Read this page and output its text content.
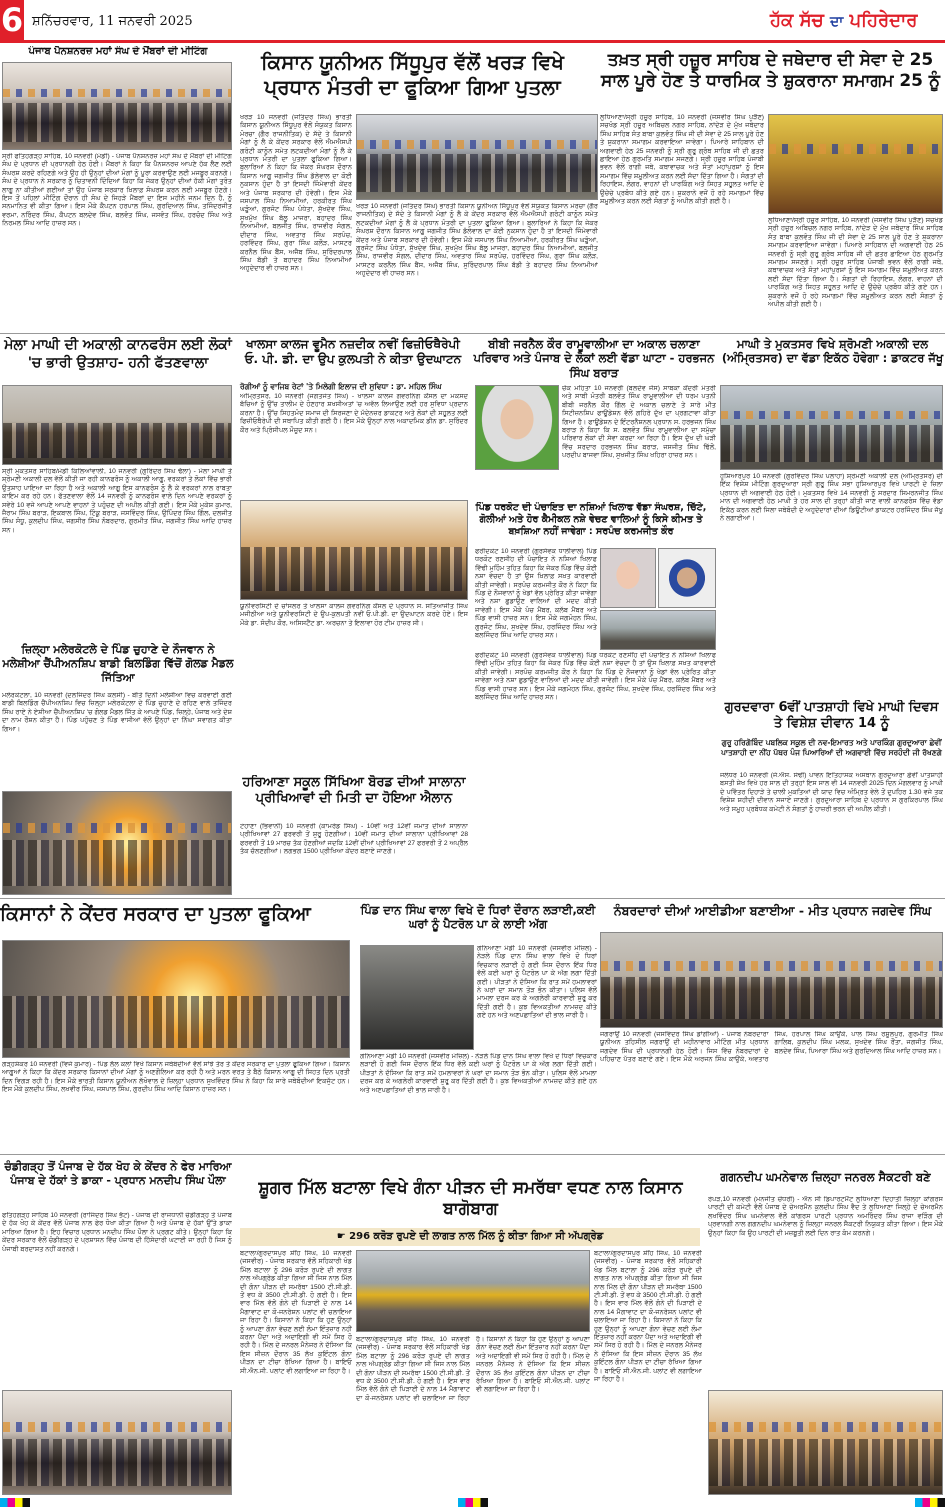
6 ਸ਼ਨਿੱਚਰਵਾਰ, 11 ਜਨਵਰੀ 2025	ਹੱਕ ਸੱਚ ਦਾ ਪਹਿਰੇਦਾਰ
ਪੰਜਾਬ ਪੈਨਸ਼ਨਰਜ਼ ਮਹਾਂ ਸੰਘ ਦੇ ਮੈਂਬਰਾਂ ਦੀ ਮੀਟਿੰਗ
ਸ੍ਰੀ ਫਤਿਹਗੜ੍ਹ ਸਾਹਿਬ, 10 ਜਨਵਰੀ (ਮੰਡੀ) - ਪੰਜਾਬ ਪੈਨਸ਼ਨਰਜ਼ ਮਹਾਂ ਸੰਘ ਦੇ ਮੈਂਬਰਾਂ ਦੀ ਮੀਟਿੰਗ ਸੰਘ ਦੇ ਪ੍ਰਧਾਨ ਦੀ ਪ੍ਰਧਾਨਗੀ ਹੇਠ ਹੋਈ। ਮੈਂਬਰਾਂ ਨੇ ਕਿਹਾ ਕਿ ਪੈਨਸ਼ਨਰਜ਼ ਆਪਣੇ ਹੱਕ ਲੈਣ ਲਈ ਸੰਘਰਸ਼ ਕਰਦੇ ਰਹਿਣਗੇ ਅਤੇ ਉਹ ਹੀ ਉਨ੍ਹਾਂ ਦੀਆਂ ਮੰਗਾਂ ਨੂੰ ਪੂਰਾ ਕਰਵਾਉਣ ਲਈ ਮਜਬੂਰ ਕਰਨਗੇ। ਸੰਘ ਦੇ ਪ੍ਰਧਾਨ ਨੇ ਸਰਕਾਰ ਨੂੰ ਚਿਤਾਵਨੀ ਦਿੰਦਿਆਂ ਕਿਹਾ ਕਿ ਜੇਕਰ ਉਨ੍ਹਾਂ ਦੀਆਂ ਹੱਕੀ ਮੰਗਾਂ ਤੁਰੰਤ ਲਾਗੂ ਨਾ ਕੀਤੀਆਂ ਗਈਆਂ ਤਾਂ ਉਹ ਪੰਜਾਬ ਸਰਕਾਰ ਖ਼ਿਲਾਫ਼ ਸੰਘਰਸ਼ ਕਰਨ ਲਈ ਮਜਬੂਰ ਹੋਣਗੇ। ਇਸ ਤੋਂ ਪਹਿਲਾਂ ਮੀਟਿੰਗ ਦੌਰਾਨ ਹੀ ਸੰਘ ਦੇ ਜਿਹੜੇ ਮੈਂਬਰਾਂ ਦਾ ਇਸ ਮਹੀਨੇ ਜਨਮ ਦਿਨ ਹੈ, ਨੂੰ ਸਨਮਾਨਿਤ ਵੀ ਕੀਤਾ ਗਿਆ। ਇਸ ਮੌਕੇ ਕੈਪਟਨ ਹਰਪਾਲ ਸਿੰਘ, ਗੁਰਦਿਆਲ ਸਿੰਘ, ਤਜਿੰਦਰਜੀਤ ਵਰਮਾ, ਨਰਿੰਦਰ ਸਿੰਘ, ਕੈਪਟਨ ਬਲਦੇਵ ਸਿੰਘ, ਬਲਵੰਤ ਸਿੰਘ, ਜਸਵੰਤ ਸਿੰਘ, ਹਰਚੰਦ ਸਿੰਘ ਅਤੇ ਨਿਰਮਲ ਸਿੰਘ ਆਦਿ ਹਾਜ਼ਰ ਸਨ।
ਕਿਸਾਨ ਯੂਨੀਅਨ ਸਿੱਧੂਪੁਰ ਵੱਲੋਂ ਖਰੜ ਵਿਖੇ ਪ੍ਰਧਾਨ ਮੰਤਰੀ ਦਾ ਫੂਕਿਆ ਗਿਆ ਪੁਤਲਾ
ਖਰੜ 10 ਜਨਵਰੀ (ਜਤਿੰਦਰ ਸਿੰਘ) ਭਾਰਤੀ ਕਿਸਾਨ ਯੂਨੀਅਨ ਸਿੱਧੂਪੁਰ ਵੱਲੋਂ ਸੰਯੁਕਤ ਕਿਸਾਨ ਮੋਰਚਾ (ਗੈਰ ਰਾਜਨੀਤਿਕ) ਦੇ ਸੱਦੇ ਤੇ ਕਿਸਾਨੀ ਮੰਗਾਂ ਨੂੰ ਲੈ ਕੇ ਕੇਂਦਰ ਸਰਕਾਰ ਵੱਲੋਂ ਐਮਐਸਪੀ ਗਰੰਟੀ ਕਾਨੂੰਨ ਸਮੇਤ ਲਟਕਦੀਆਂ ਮੰਗਾਂ ਨੂੰ ਲੈ ਕੇ ਪ੍ਰਧਾਨ ਮੰਤਰੀ ਦਾ ਪੁਤਲਾ ਫੂਕਿਆ ਗਿਆ। ਬੁਲਾਰਿਆਂ ਨੇ ਕਿਹਾ ਕਿ ਜੇਕਰ ਸੰਘਰਸ਼ ਦੌਰਾਨ ਕਿਸਾਨ ਆਗੂ ਜਗਜੀਤ ਸਿੰਘ ਡੱਲੇਵਾਲ ਦਾ ਕੋਈ ਨੁਕਸਾਨ ਹੁੰਦਾ ਹੈ ਤਾਂ ਇਸਦੀ ਜਿੰਮੇਵਾਰੀ ਕੇਂਦਰ ਅਤੇ ਪੰਜਾਬ ਸਰਕਾਰ ਦੀ ਹੋਵੇਗੀ। ਇਸ ਮੌਕੇ ਜਸਪਾਲ ਸਿੰਘ ਨਿਆਮੀਆਂ, ਹਰਕੀਰਤ ਸਿੰਘ ਘੜੂੰਆਂ, ਗੁਰਜੰਟ ਸਿੰਘ ਪੰਧੇਤਾ, ਸੁੱਖਦੇਵ ਸਿੰਘ, ਸੁਖਮੁੱਖ ਸਿੰਘ ਬੱਲੂ ਮਾਜਰਾ, ਬਹਾਦਰ ਸਿੰਘ ਨਿਆਮੀਆਂ, ਬਲਜੀਤ ਸਿੰਘ, ਰਾਜਵੀਰ ਸੰਗਲ, ਦੀਦਾਰ ਸਿੰਘ, ਅਵਤਾਰ ਸਿੰਘ ਸਰਪੰਚ, ਹਰਵਿੰਦਰ ਸਿੰਘ, ਗੁਰਾ ਸਿੰਘ ਕਲੌੜ, ਮਾਸਟਰ ਕਰਨੈਲ ਸਿੰਘ ਬੈਂਸ, ਅਜੈਬ ਸਿੰਘ, ਸੁਰਿੰਦਰਪਾਲ ਸਿੰਘ ਬੱਡੀ ਤੇ ਬਹਾਦਰ ਸਿੰਘ ਨਿਆਮੀਆਂ ਅਹੁਦੇਦਾਰ ਵੀ ਹਾਜ਼ਰ ਸਨ।
ਖਰੜ 10 ਜਨਵਰੀ (ਜਤਿੰਦਰ ਸਿੰਘ) ਭਾਰਤੀ ਕਿਸਾਨ ਯੂਨੀਅਨ ਸਿੱਧੂਪੁਰ ਵੱਲੋਂ ਸੰਯੁਕਤ ਕਿਸਾਨ ਮੋਰਚਾ (ਗੈਰ ਰਾਜਨੀਤਿਕ) ਦੇ ਸੱਦੇ ਤੇ ਕਿਸਾਨੀ ਮੰਗਾਂ ਨੂੰ ਲੈ ਕੇ ਕੇਂਦਰ ਸਰਕਾਰ ਵੱਲੋਂ ਐਮਐਸਪੀ ਗਰੰਟੀ ਕਾਨੂੰਨ ਸਮੇਤ ਲਟਕਦੀਆਂ ਮੰਗਾਂ ਨੂੰ ਲੈ ਕੇ ਪ੍ਰਧਾਨ ਮੰਤਰੀ ਦਾ ਪੁਤਲਾ ਫੂਕਿਆ ਗਿਆ। ਬੁਲਾਰਿਆਂ ਨੇ ਕਿਹਾ ਕਿ ਜੇਕਰ ਸੰਘਰਸ਼ ਦੌਰਾਨ ਕਿਸਾਨ ਆਗੂ ਜਗਜੀਤ ਸਿੰਘ ਡੱਲੇਵਾਲ ਦਾ ਕੋਈ ਨੁਕਸਾਨ ਹੁੰਦਾ ਹੈ ਤਾਂ ਇਸਦੀ ਜਿੰਮੇਵਾਰੀ ਕੇਂਦਰ ਅਤੇ ਪੰਜਾਬ ਸਰਕਾਰ ਦੀ ਹੋਵੇਗੀ। ਇਸ ਮੌਕੇ ਜਸਪਾਲ ਸਿੰਘ ਨਿਆਮੀਆਂ, ਹਰਕੀਰਤ ਸਿੰਘ ਘੜੂੰਆਂ, ਗੁਰਜੰਟ ਸਿੰਘ ਪੰਧੇਤਾ, ਸੁੱਖਦੇਵ ਸਿੰਘ, ਸੁਖਮੁੱਖ ਸਿੰਘ ਬੱਲੂ ਮਾਜਰਾ, ਬਹਾਦਰ ਸਿੰਘ ਨਿਆਮੀਆਂ, ਬਲਜੀਤ ਸਿੰਘ, ਰਾਜਵੀਰ ਸੰਗਲ, ਦੀਦਾਰ ਸਿੰਘ, ਅਵਤਾਰ ਸਿੰਘ ਸਰਪੰਚ, ਹਰਵਿੰਦਰ ਸਿੰਘ, ਗੁਰਾ ਸਿੰਘ ਕਲੌੜ, ਮਾਸਟਰ ਕਰਨੈਲ ਸਿੰਘ ਬੈਂਸ, ਅਜੈਬ ਸਿੰਘ, ਸੁਰਿੰਦਰਪਾਲ ਸਿੰਘ ਬੱਡੀ ਤੇ ਬਹਾਦਰ ਸਿੰਘ ਨਿਆਮੀਆਂ ਅਹੁਦੇਦਾਰ ਵੀ ਹਾਜ਼ਰ ਸਨ।
ਤਖ਼ਤ ਸ੍ਰੀ ਹਜ਼ੂਰ ਸਾਹਿਬ ਦੇ ਜਥੇਦਾਰ ਦੀ ਸੇਵਾ ਦੇ 25 ਸਾਲ ਪੂਰੇ ਹੋਣ ਤੇ ਧਾਰਮਿਕ ਤੇ ਸ਼ੁਕਰਾਨਾ ਸਮਾਗਮ 25 ਨੂੰ
ਲੁਧਿਆਣਾ/ਸ੍ਰੀ ਹਜ਼ੂਰ ਸਾਹਿਬ, 10 ਜਨਵਰੀ (ਜਸਵੀਰ ਸਿੰਘ ਪੁੜੈਣ) ਸਚਖੰਡ ਸ੍ਰੀ ਹਜ਼ੂਰ ਅਬਿਚਲ ਨਗਰ ਸਾਹਿਬ, ਨਾਂਦੇੜ ਦੇ ਮੁੱਖ ਜਥੇਦਾਰ ਸਿੰਘ ਸਾਹਿਬ ਸੰਤ ਬਾਬਾ ਕੁਲਵੰਤ ਸਿੰਘ ਜੀ ਦੀ ਸੇਵਾ ਦੇ 25 ਸਾਲ ਪੂਰੇ ਹੋਣ ਤੇ ਸ਼ੁਕਰਾਨਾ ਸਮਾਗਮ ਕਰਵਾਇਆ ਜਾਵੇਗਾ। ਪਿਆਰੇ ਸਾਹਿਬਾਨ ਦੀ ਅਗਵਾਈ ਹੇਠ 25 ਜਨਵਰੀ ਨੂੰ ਸ੍ਰੀ ਗੁਰੂ ਗ੍ਰੰਥ ਸਾਹਿਬ ਜੀ ਦੀ ਛਤਰ ਛਾਇਆ ਹੇਠ ਗੁਰਮਤਿ ਸਮਾਗਮ ਸਜਣਗੇ। ਸ੍ਰੀ ਹਜ਼ੂਰ ਸਾਹਿਬ ਪੰਜਾਬੀ ਭਵਨ ਵੱਲੋਂ ਰਾਗੀ ਜਥੇ, ਕਥਾਵਾਚਕ ਅਤੇ ਸੰਤਾਂ ਮਹਾਂਪੁਰਸ਼ਾਂ ਨੂੰ ਇਸ ਸਮਾਗਮ ਵਿੱਚ ਸ਼ਮੂਲੀਅਤ ਕਰਨ ਲਈ ਸੱਦਾ ਦਿੱਤਾ ਗਿਆ ਹੈ। ਸੰਗਤਾਂ ਦੀ ਰਿਹਾਇਸ਼, ਲੰਗਰ, ਵਾਹਨਾਂ ਦੀ ਪਾਰਕਿੰਗ ਅਤੇ ਸਿਹਤ ਸਹੂਲਤ ਆਦਿ ਦੇ ਉਚੇਚੇ ਪ੍ਰਬੰਧ ਕੀਤੇ ਗਏ ਹਨ। ਸ਼ੁਕਰਾਨੇ ਵਜੋਂ ਹੋ ਰਹੇ ਸਮਾਗਮਾਂ ਵਿੱਚ ਸ਼ਮੂਲੀਅਤ ਕਰਨ ਲਈ ਸੰਗਤਾਂ ਨੂੰ ਅਪੀਲ ਕੀਤੀ ਗਈ ਹੈ।
ਲੁਧਿਆਣਾ/ਸ੍ਰੀ ਹਜ਼ੂਰ ਸਾਹਿਬ, 10 ਜਨਵਰੀ (ਜਸਵੀਰ ਸਿੰਘ ਪੁੜੈਣ) ਸਚਖੰਡ ਸ੍ਰੀ ਹਜ਼ੂਰ ਅਬਿਚਲ ਨਗਰ ਸਾਹਿਬ, ਨਾਂਦੇੜ ਦੇ ਮੁੱਖ ਜਥੇਦਾਰ ਸਿੰਘ ਸਾਹਿਬ ਸੰਤ ਬਾਬਾ ਕੁਲਵੰਤ ਸਿੰਘ ਜੀ ਦੀ ਸੇਵਾ ਦੇ 25 ਸਾਲ ਪੂਰੇ ਹੋਣ ਤੇ ਸ਼ੁਕਰਾਨਾ ਸਮਾਗਮ ਕਰਵਾਇਆ ਜਾਵੇਗਾ। ਪਿਆਰੇ ਸਾਹਿਬਾਨ ਦੀ ਅਗਵਾਈ ਹੇਠ 25 ਜਨਵਰੀ ਨੂੰ ਸ੍ਰੀ ਗੁਰੂ ਗ੍ਰੰਥ ਸਾਹਿਬ ਜੀ ਦੀ ਛਤਰ ਛਾਇਆ ਹੇਠ ਗੁਰਮਤਿ ਸਮਾਗਮ ਸਜਣਗੇ। ਸ੍ਰੀ ਹਜ਼ੂਰ ਸਾਹਿਬ ਪੰਜਾਬੀ ਭਵਨ ਵੱਲੋਂ ਰਾਗੀ ਜਥੇ, ਕਥਾਵਾਚਕ ਅਤੇ ਸੰਤਾਂ ਮਹਾਂਪੁਰਸ਼ਾਂ ਨੂੰ ਇਸ ਸਮਾਗਮ ਵਿੱਚ ਸ਼ਮੂਲੀਅਤ ਕਰਨ ਲਈ ਸੱਦਾ ਦਿੱਤਾ ਗਿਆ ਹੈ। ਸੰਗਤਾਂ ਦੀ ਰਿਹਾਇਸ਼, ਲੰਗਰ, ਵਾਹਨਾਂ ਦੀ ਪਾਰਕਿੰਗ ਅਤੇ ਸਿਹਤ ਸਹੂਲਤ ਆਦਿ ਦੇ ਉਚੇਚੇ ਪ੍ਰਬੰਧ ਕੀਤੇ ਗਏ ਹਨ। ਸ਼ੁਕਰਾਨੇ ਵਜੋਂ ਹੋ ਰਹੇ ਸਮਾਗਮਾਂ ਵਿੱਚ ਸ਼ਮੂਲੀਅਤ ਕਰਨ ਲਈ ਸੰਗਤਾਂ ਨੂੰ ਅਪੀਲ ਕੀਤੀ ਗਈ ਹੈ।
ਮੇਲਾ ਮਾਘੀ ਦੀ ਅਕਾਲੀ ਕਾਨਫਰੰਸ ਲਈ ਲੋਕਾਂ 'ਚ ਭਾਰੀ ਉਤਸ਼ਾਹ- ਹਨੀ ਫੱਤਣਵਾਲਾ
ਸ੍ਰੀ ਮੁਕਤਸਰ ਸਾਹਿਬ/ਮੰਡੀ ਕਿਲਿਆਂਵਾਲੀ, 10 ਜਨਵਰੀ (ਗੁਰਿੰਦਰ ਸਿੰਘ ਢੱਲਾ) - ਮੇਲਾ ਮਾਘੀ ਤੇ ਸ਼੍ਰੋਮਣੀ ਅਕਾਲੀ ਦਲ ਵੱਲੋਂ ਕੀਤੀ ਜਾ ਰਹੀ ਕਾਨਫਰੰਸ ਨੂੰ ਅਕਾਲੀ ਆਗੂ, ਵਰਕਰਾਂ ਤੇ ਲੋਕਾਂ ਵਿੱਚ ਭਾਰੀ ਉਤਸ਼ਾਹ ਪਾਇਆ ਜਾ ਰਿਹਾ ਹੈ ਅਤੇ ਅਕਾਲੀ ਆਗੂ ਇਸ ਕਾਨਫਰੰਸ ਨੂੰ ਲੈ ਕੇ ਵਰਕਰਾਂ ਨਾਲ ਰਾਬਤਾ ਕਾਇਮ ਕਰ ਰਹੇ ਹਨ। ਫੱਤਣਵਾਲਾ ਵੱਲੋਂ 14 ਜਨਵਰੀ ਨੂੰ ਕਾਨਫਰੰਸ ਵਾਲੇ ਦਿਨ ਆਪਣੇ ਵਰਕਰਾਂ ਨੂੰ ਸਵੇਰੇ 10 ਵਜੇ ਆਪਣੇ ਆਪਣੇ ਵਾਹਨਾਂ ਤੇ ਪਹੁੰਚਣ ਦੀ ਅਪੀਲ ਕੀਤੀ ਗਈ। ਇਸ ਮੌਕੇ ਮੁਕੇਸ਼ ਕੁਮਾਰ, ਜੈਰਾਮ ਸਿੰਘ ਬਰਾੜ, ਇਕਬਾਲ ਸਿੰਘ, ਟਿੰਕੂ ਬਰਾੜ, ਜਸਵਿੰਦਰ ਸਿੰਘ, ਉਪਿੰਦਰ ਸਿੰਘ ਗਿੱਲ, ਦਲਜੀਤ ਸਿੰਘ ਸੰਧੂ, ਕੁਲਦੀਪ ਸਿੰਘ, ਜਗਸੀਰ ਸਿੰਘ ਨੰਬਰਦਾਰ, ਗੁਰਮੀਤ ਸਿੰਘ, ਜਗਜੀਤ ਸਿੰਘ ਆਦਿ ਹਾਜ਼ਰ ਸਨ।
ਖਾਲਸਾ ਕਾਲਜ ਵੂਮੈਨ ਨਜ਼ਦੀਕ ਨਵੀਂ ਫਿਜ਼ੀਓਥੈਰੇਪੀ ਓ. ਪੀ. ਡੀ. ਦਾ ਉਪ ਕੁਲਪਤੀ ਨੇ ਕੀਤਾ ਉਦਘਾਟਨ
ਰੋਗੀਆਂ ਨੂੰ ਵਾਜਿਬ ਰੇਟਾਂ 'ਤੇ ਮਿਲੇਗੀ ਇਲਾਜ ਦੀ ਸੁਵਿਧਾ : ਡਾ. ਮਹਿਲ ਸਿੰਘ
ਅੰਮ੍ਰਿਤਸਰ, 10 ਜਨਵਰੀ (ਜਗਤਜੋਤ ਸਿੰਘ) - ਖਾਲਸਾ ਕਾਲਜ ਗਵਰਨਿੰਗ ਕੌਂਸਲ ਦਾ ਮਕਸਦ ਬੱਚਿਆਂ ਨੂੰ ਉੱਚ ਤਾਲੀਮ ਦੇ ਹੋਣਹਾਰ ਸ਼ਖਸੀਅਤਾਂ 'ਚ ਅਵੱਲ ਲਿਆਉਣ ਲਈ ਹਰ ਸੁਵਿਧਾ ਪ੍ਰਦਾਨ ਕਰਨਾ ਹੈ। ਉੱਚ ਸਿਹਤਮੰਦ ਸਮਾਜ ਦੀ ਸਿਰਜਣਾ ਦੇ ਮੱਦੇਨਜ਼ਰ ਡਾਕਟਰ ਅਤੇ ਲੋਕਾਂ ਦੀ ਸਹੂਲਤ ਲਈ ਫਿਜ਼ੀਓਥੈਰੇਪੀ ਦੀ ਸਥਾਪਿਤ ਕੀਤੀ ਗਈ ਹੈ। ਇਸ ਮੌਕੇ ਉਨ੍ਹਾਂ ਨਾਲ ਅਕਾਦਮਿਕ ਡੀਨ ਡਾ. ਸੁਰਿੰਦਰ ਕੌਰ ਅਤੇ ਪ੍ਰਿੰਸੀਪਲ ਮੌਜੂਦ ਸਨ।
ਯੂਨੀਵਰਸਿਟੀ ਦੇ ਚਾਂਸਲਰ ਤੇ ਖਾਲਸਾ ਕਾਲਜ ਗਵਰਨਿੰਗ ਕੌਂਸਲ ਦੇ ਪ੍ਰਧਾਨ ਸ. ਸਤਿਆਜੀਤ ਸਿੰਘ ਮਜੀਠੀਆ ਅਤੇ ਯੂਨੀਵਰਸਿਟੀ ਦੇ ਉਪ-ਕੁਲਪਤੀ ਨਵੀਂ ਓ.ਪੀ.ਡੀ. ਦਾ ਉਦਘਾਟਨ ਕਰਦੇ ਹੋਏ। ਇਸ ਮੌਕੇ ਡਾ. ਸੰਦੀਪ ਕੌਰ, ਅਸਿਸਟੈਂਟ ਡਾ. ਅਰਚਨਾ ਤੇ ਇਲਾਵਾ ਹੋਰ ਟੀਮ ਹਾਜ਼ਰ ਸੀ।
ਹਰਿਆਣਾ ਸਕੂਲ ਸਿੱਖਿਆ ਬੋਰਡ ਦੀਆਂ ਸਾਲਾਨਾ ਪ੍ਰੀਖਿਆਵਾਂ ਦੀ ਮਿਤੀ ਦਾ ਹੋਇਆ ਐਲਾਨ
ਟੋਹਾਣਾ (ਭਿਵਾਨੀ) 10 ਜਨਵਰੀ (ਕਾਮਰੇਡ ਸਿੰਘ) - 10ਵੀਂ ਅਤੇ 12ਵੀਂ ਜਮਾਤ ਦੀਆਂ ਸਾਲਾਨਾ ਪ੍ਰੀਖਿਆਵਾਂ 27 ਫਰਵਰੀ ਤੋਂ ਸ਼ੁਰੂ ਹੋਣਗੀਆਂ। 10ਵੀਂ ਜਮਾਤ ਦੀਆਂ ਸਾਲਾਨਾ ਪ੍ਰੀਖਿਆਵਾਂ 28 ਫਰਵਰੀ ਤੋਂ 19 ਮਾਰਚ ਤੱਕ ਹੋਣਗੀਆਂ ਜਦਕਿ 12ਵੀਂ ਦੀਆਂ ਪ੍ਰੀਖਿਆਵਾਂ 27 ਫਰਵਰੀ ਤੋਂ 2 ਅਪ੍ਰੈਲ ਤੱਕ ਚੱਲਣਗੀਆਂ। ਲਗਭਗ 1500 ਪ੍ਰੀਖਿਆ ਕੇਂਦਰ ਬਣਾਏ ਜਾਣਗੇ।
ਬੀਬੀ ਜਰਨੈਲ ਕੌਰ ਰਾਮੂਵਾਲੀਆ ਦਾ ਅਕਾਲ ਚਲਾਣਾ ਪਰਿਵਾਰ ਅਤੇ ਪੰਜਾਬ ਦੇ ਲੋਕਾਂ ਲਈ ਵੱਡਾ ਘਾਟਾ - ਹਰਭਜਨ ਸਿੰਘ ਬਰਾੜ
ਚੌਕ ਮਹਿਤਾ 10 ਜਨਵਰੀ (ਬਲਦੇਵ ਜੌਸ) ਸਾਬਕਾ ਕੇਂਦਰੀ ਮੰਤਰੀ ਅਤੇ ਸਾਬੀ ਮੰਤਰੀ ਬਲਵੰਤ ਸਿੰਘ ਰਾਮੂਵਾਲੀਆ ਦੀ ਧਰਮ ਪਤਨੀ ਬੀਬੀ ਜਰਨੈਲ ਕੌਰ ਗਿੱਲ ਦੇ ਅਕਾਲ ਚਲਾਣੇ ਤੇ ਸਾਰੇ ਮੀਤ ਸਿਟੀਜ਼ਨਸ਼ਿਪ ਫਾਊਂਡੇਸ਼ਨ ਵੱਲੋਂ ਗਹਿਰੇ ਦੁੱਖ ਦਾ ਪ੍ਰਗਟਾਵਾ ਕੀਤਾ ਗਿਆ ਹੈ। ਫਾਊਂਡੇਸ਼ਨ ਦੇ ਇੰਟਰਨੈਸ਼ਨਲ ਪ੍ਰਧਾਨ ਸ. ਹਰਭਜਨ ਸਿੰਘ ਬਰਾੜ ਨੇ ਕਿਹਾ ਕਿ ਸ. ਬਲਵੰਤ ਸਿੰਘ ਰਾਮੂਵਾਲੀਆ ਦਾ ਸਮੁੱਚਾ ਪਰਿਵਾਰ ਲੋਕਾਂ ਦੀ ਸੇਵਾ ਕਰਦਾ ਆ ਰਿਹਾ ਹੈ। ਇਸ ਦੁੱਖ ਦੀ ਘੜੀ ਵਿੱਚ ਸਰਦਾਰ ਹਰਭਜਨ ਸਿੰਘ ਬਰਾੜ, ਜਸਜੀਤ ਸਿੰਘ ਢਿੱਲੋਂ, ਪਰਦੀਪ ਬਾਜਵਾ ਸਿੰਘ, ਸੁਖਜੀਤ ਸਿੰਘ ਖਹਿਰਾ ਹਾਜ਼ਰ ਸਨ।
ਪਿੰਡ ਧਰਕੋਟ ਦੀ ਪੰਚਾਇਤ ਦਾ ਨਸ਼ਿਆਂ ਖਿਲਾਫ ਵੱਡਾ ਸੰਘਰਸ਼, ਚਿੱਟੇ, ਗੋਲੀਆਂ ਅਤੇ ਹੋਰ ਕੈਮੀਕਲ ਨਸ਼ੇ ਵੇਚਣ ਵਾਲਿਆਂ ਨੂੰ ਕਿਸੇ ਕੀਮਤ ਤੇ ਬਖ਼ਸ਼ਿਆ ਨਹੀਂ ਜਾਵੇਗਾ : ਸਰਪੰਚ ਕਰਮਜੀਤ ਕੌਰ
ਫਰੀਦਕੋਟ 10 ਜਨਵਰੀ (ਗੁਰਸੇਵਕ ਧਾਲੀਵਾਲ) ਪਿੰਡ ਧਰਕੋਟ ਰਣਸੀਂਹ ਦੀ ਪੰਚਾਇਤ ਨੇ ਨਸ਼ਿਆਂ ਖਿਲਾਫ ਵਿੱਢੀ ਮੁਹਿੰਮ ਤਹਿਤ ਕਿਹਾ ਕਿ ਜੇਕਰ ਪਿੰਡ ਵਿੱਚ ਕੋਈ ਨਸ਼ਾ ਵੇਚਦਾ ਹੈ ਤਾਂ ਉਸ ਖ਼ਿਲਾਫ਼ ਸਖ਼ਤ ਕਾਰਵਾਈ ਕੀਤੀ ਜਾਵੇਗੀ। ਸਰਪੰਚ ਕਰਮਜੀਤ ਕੌਰ ਨੇ ਕਿਹਾ ਕਿ ਪਿੰਡ ਦੇ ਨੌਜਵਾਨਾਂ ਨੂੰ ਖੇਡਾਂ ਵੱਲ ਪ੍ਰੇਰਿਤ ਕੀਤਾ ਜਾਵੇਗਾ ਅਤੇ ਨਸ਼ਾ ਛੁਡਾਉਣ ਵਾਲਿਆਂ ਦੀ ਮਦਦ ਕੀਤੀ ਜਾਵੇਗੀ। ਇਸ ਮੌਕੇ ਪੰਚ ਮੈਂਬਰ, ਕਲੱਬ ਮੈਂਬਰ ਅਤੇ ਪਿੰਡ ਵਾਸੀ ਹਾਜ਼ਰ ਸਨ। ਇਸ ਮੌਕੇ ਜਗਮੋਹਨ ਸਿੰਘ, ਗੁਰਜੰਟ ਸਿੰਘ, ਸੁਖਦੇਵ ਸਿੰਘ, ਹਰਜਿੰਦਰ ਸਿੰਘ ਅਤੇ ਬਲਜਿੰਦਰ ਸਿੰਘ ਆਦਿ ਹਾਜ਼ਰ ਸਨ।
ਫਰੀਦਕੋਟ 10 ਜਨਵਰੀ (ਗੁਰਸੇਵਕ ਧਾਲੀਵਾਲ) ਪਿੰਡ ਧਰਕੋਟ ਰਣਸੀਂਹ ਦੀ ਪੰਚਾਇਤ ਨੇ ਨਸ਼ਿਆਂ ਖਿਲਾਫ ਵਿੱਢੀ ਮੁਹਿੰਮ ਤਹਿਤ ਕਿਹਾ ਕਿ ਜੇਕਰ ਪਿੰਡ ਵਿੱਚ ਕੋਈ ਨਸ਼ਾ ਵੇਚਦਾ ਹੈ ਤਾਂ ਉਸ ਖ਼ਿਲਾਫ਼ ਸਖ਼ਤ ਕਾਰਵਾਈ ਕੀਤੀ ਜਾਵੇਗੀ। ਸਰਪੰਚ ਕਰਮਜੀਤ ਕੌਰ ਨੇ ਕਿਹਾ ਕਿ ਪਿੰਡ ਦੇ ਨੌਜਵਾਨਾਂ ਨੂੰ ਖੇਡਾਂ ਵੱਲ ਪ੍ਰੇਰਿਤ ਕੀਤਾ ਜਾਵੇਗਾ ਅਤੇ ਨਸ਼ਾ ਛੁਡਾਉਣ ਵਾਲਿਆਂ ਦੀ ਮਦਦ ਕੀਤੀ ਜਾਵੇਗੀ। ਇਸ ਮੌਕੇ ਪੰਚ ਮੈਂਬਰ, ਕਲੱਬ ਮੈਂਬਰ ਅਤੇ ਪਿੰਡ ਵਾਸੀ ਹਾਜ਼ਰ ਸਨ। ਇਸ ਮੌਕੇ ਜਗਮੋਹਨ ਸਿੰਘ, ਗੁਰਜੰਟ ਸਿੰਘ, ਸੁਖਦੇਵ ਸਿੰਘ, ਹਰਜਿੰਦਰ ਸਿੰਘ ਅਤੇ ਬਲਜਿੰਦਰ ਸਿੰਘ ਆਦਿ ਹਾਜ਼ਰ ਸਨ।
ਮਾਘੀ ਤੇ ਮੁਕਤਸਰ ਵਿਖੇ ਸ਼੍ਰੋਮਣੀ ਅਕਾਲੀ ਦਲ (ਅੰਮ੍ਰਿਤਸਰ) ਦਾ ਵੱਡਾ ਇਕੱਠ ਹੋਵੇਗਾ : ਡਾਕਟਰ ਜੱਖੂ
ਹੁਸ਼ਿਆਰਪੁਰ 10 ਜਨਵਰੀ (ਗੁਰਵਿੰਦਰ ਸਿੰਘ ਪਲਾਹਾ) ਸ਼੍ਰੋਮਣੀ ਅਕਾਲੀ ਦਲ (ਅੰਮ੍ਰਿਤਸਰ) ਦੀ ਇੱਕ ਵਿਸ਼ੇਸ਼ ਮੀਟਿੰਗ ਗੁਰਦੁਆਰਾ ਸ੍ਰੀ ਗੁਰੂ ਸਿੰਘ ਸਭਾ ਹੁਸ਼ਿਆਰਪੁਰ ਵਿਖੇ ਪਾਰਟੀ ਦੇ ਜ਼ਿਲਾ ਪ੍ਰਧਾਨ ਦੀ ਅਗਵਾਈ ਹੇਠ ਹੋਈ। ਮੁਕਤਸਰ ਵਿਖੇ 14 ਜਨਵਰੀ ਨੂੰ ਸਰਦਾਰ ਸਿਮਰਨਜੀਤ ਸਿੰਘ ਮਾਨ ਦੀ ਅਗਵਾਈ ਹੇਠ ਮਾਘੀ ਤੇ ਹਰ ਸਾਲ ਦੀ ਤਰ੍ਹਾਂ ਕੀਤੀ ਜਾਣ ਵਾਲੀ ਕਾਨਫਰੰਸ ਵਿੱਚ ਵੱਡਾ ਇਕੱਠ ਕਰਨ ਲਈ ਜਿਲਾ ਜਥੇਬੰਦੀ ਦੇ ਅਹੁਦੇਦਾਰਾਂ ਦੀਆਂ ਡਿਊਟੀਆਂ ਡਾਕਟਰ ਹਰਜਿੰਦਰ ਸਿੰਘ ਜੱਖੂ ਨੇ ਲਗਾਈਆਂ।
ਗੁਰਦਵਾਰਾ 6ਵੀਂ ਪਾਤਸ਼ਾਹੀ ਵਿਖੇ ਮਾਘੀ ਦਿਵਸ ਤੇ ਵਿਸ਼ੇਸ਼ ਦੀਵਾਨ 14 ਨੂੰ
ਗੁਰੂ ਹਰਿਗੋਬਿੰਦ ਪਬਲਿਕ ਸਕੂਲ ਦੀ ਨਵ-ਇਮਾਰਤ ਅਤੇ ਪਾਰਕਿੰਗ ਗੁਰਦੁਆਰਾ ਛੇਵੀਂ ਪਾਤਸ਼ਾਹੀ ਦਾ ਨੀਂਹ ਪੱਥਰ ਪੰਜ ਪਿਆਰਿਆਂ ਦੀ ਅਗਵਾਈ ਵਿੱਚ ਸਰਹੰਦੀ ਜੀ ਰੱਖਣਗੇ
ਜਲੰਧਰ 10 ਜਨਵਰੀ (ਜੇ.ਐਸ. ਸੋਢੀ) ਪਾਵਨ ਇਤਿਹਾਸਕ ਅਸਥਾਨ ਗੁਰਦੁਆਰਾ ਛੇਵੀਂ ਪਾਤਸ਼ਾਹੀ ਬਸਤੀ ਸ਼ੇਖ ਵਿਖੇ ਹਰ ਸਾਲ ਦੀ ਤਰ੍ਹਾਂ ਇਸ ਸਾਲ ਵੀ 14 ਜਨਵਰੀ 2025 ਦਿਨ ਮੰਗਲਵਾਰ ਨੂੰ ਮਾਘੀ ਦੇ ਪਵਿੱਤਰ ਦਿਹਾੜੇ ਤੇ ਚਾਲੀ ਮੁਕਤਿਆਂ ਦੀ ਯਾਦ ਵਿਚ ਅੰਮ੍ਰਿਤ ਵੇਲੇ ਤੋਂ ਦੁਪਹਿਰ 1.30 ਵਜੇ ਤਕ ਵਿਸ਼ੇਸ਼ ਸ਼ਹੀਦੀ ਦੀਵਾਨ ਸਜਾਏ ਜਾਣਗੇ। ਗੁਰਦੁਆਰਾ ਸਾਹਿਬ ਦੇ ਪ੍ਰਧਾਨ ਸ ਗੁਰਕਿਰਪਾਲ ਸਿੰਘ ਅਤੇ ਸਮੂਹ ਪ੍ਰਬੰਧਕ ਕਮੇਟੀ ਨੇ ਸੰਗਤਾਂ ਨੂੰ ਹਾਜ਼ਰੀ ਭਰਨ ਦੀ ਅਪੀਲ ਕੀਤੀ।
ਜ਼ਿਲ੍ਹਾ ਮਲੇਰਕੋਟਲੇ ਦੇ ਪਿੰਡ ਚੁਹਾਣੇ ਦੇ ਨੌਜਵਾਨ ਨੇ ਮਲੇਸ਼ੀਆ ਚੈਂਪੀਅਨਸ਼ਿਪ ਬਾਡੀ ਬਿਲਡਿੰਗ ਵਿੱਚੋਂ ਗੋਲਡ ਮੈਡਲ ਜਿੱਤਿਆ
ਮਲੇਰਕੋਟਲਾ, 10 ਜਨਵਰੀ (ਦਲਜਿੰਦਰ ਸਿੰਘ ਕਲਸੀ) - ਬੀਤੇ ਦਿਨੀ ਮਲੇਸ਼ੀਆ ਵਿਚ ਕਰਵਾਈ ਗਈ ਬਾਡੀ ਬਿਲਡਿੰਗ ਚੈਂਪੀਅਨਸ਼ਿਪ ਵਿਚ ਜ਼ਿਲ੍ਹਾ ਮਲੇਰਕੋਟਲਾ ਦੇ ਪਿੰਡ ਚੁਹਾਣੇ ਦੇ ਰਹਿਣ ਵਾਲੇ ਤਜਿੰਦਰ ਸਿੰਘ ਰਾਏ ਨੇ ਏਸ਼ੀਆ ਚੈਂਪੀਅਨਸ਼ਿਪ 'ਚ ਗੋਲਡ ਮੈਡਲ ਜਿੱਤ ਕੇ ਆਪਣੇ ਪਿੰਡ, ਜ਼ਿਲ੍ਹੇ, ਪੰਜਾਬ ਅਤੇ ਦੇਸ਼ ਦਾ ਨਾਮ ਰੌਸ਼ਨ ਕੀਤਾ ਹੈ। ਪਿੰਡ ਪਹੁੰਚਣ ਤੇ ਪਿੰਡ ਵਾਸੀਆਂ ਵੱਲੋਂ ਉਨ੍ਹਾਂ ਦਾ ਨਿੱਘਾ ਸਵਾਗਤ ਕੀਤਾ ਗਿਆ।
ਕਿਸਾਨਾਂ ਨੇ ਕੇਂਦਰ ਸਰਕਾਰ ਦਾ ਪੁਤਲਾ ਫੂਕਿਆ
ਗੜ੍ਹਸ਼ੰਕਰ 10 ਜਨਵਰੀ (ਵਿਜੇ ਕੁਮਾਰ) - ਪਿੰਡ ਲੱਲ ਕਲਾਂ ਵਿਖੇ ਕਿਸਾਨ ਜਥੇਬੰਦੀਆਂ ਵੱਲੋਂ ਸਾਂਝੇ ਤੌਰ ਤੇ ਕੇਂਦਰ ਸਰਕਾਰ ਦਾ ਪੁਤਲਾ ਫੂਕਿਆ ਗਿਆ। ਕਿਸਾਨ ਆਗੂਆਂ ਨੇ ਕਿਹਾ ਕਿ ਕੇਂਦਰ ਸਰਕਾਰ ਕਿਸਾਨਾਂ ਦੀਆਂ ਮੰਗਾਂ ਨੂੰ ਅਣਗੌਲਿਆ ਕਰ ਰਹੀ ਹੈ ਅਤੇ ਮਰਨ ਵਰਤ ਤੇ ਬੈਠੇ ਕਿਸਾਨ ਆਗੂ ਦੀ ਸਿਹਤ ਦਿਨ ਪ੍ਰਤੀ ਦਿਨ ਵਿਗੜ ਰਹੀ ਹੈ। ਇਸ ਮੌਕੇ ਭਾਰਤੀ ਕਿਸਾਨ ਯੂਨੀਅਨ ਲੱਖੋਵਾਲ ਦੇ ਜ਼ਿਲ੍ਹਾ ਪ੍ਰਧਾਨ ਸੁਖਵਿੰਦਰ ਸਿੰਘ ਨੇ ਕਿਹਾ ਕਿ ਸਾਰੇ ਜਥੇਬੰਦੀਆਂ ਇਕਜੁੱਟ ਹਨ। ਇਸ ਮੌਕੇ ਕੁਲਦੀਪ ਸਿੰਘ, ਲਖਵੀਰ ਸਿੰਘ, ਜਸਪਾਲ ਸਿੰਘ, ਗੁਰਦੀਪ ਸਿੰਘ ਆਦਿ ਕਿਸਾਨ ਹਾਜ਼ਰ ਸਨ।
ਪਿੰਡ ਦਾਨ ਸਿੰਘ ਵਾਲਾ ਵਿਖੇ ਦੋ ਧਿਰਾਂ ਦੌਰਾਨ ਲੜਾਈ,ਕਈ ਘਰਾਂ ਨੂੰ ਪੈਟਰੋਲ ਪਾ ਕੇ ਲਾਈ ਅੱਗ
ਗੋਨਿਆਣਾ ਮੰਡੀ 10 ਜਨਵਰੀ (ਜਸਵੀਰ ਮੰਜ਼ਿਲ) - ਨੇੜਲੇ ਪਿੰਡ ਦਾਨ ਸਿੰਘ ਵਾਲਾ ਵਿਖੇ ਦੋ ਧਿਰਾਂ ਵਿਚਕਾਰ ਲੜਾਈ ਹੋ ਗਈ ਜਿਸ ਦੌਰਾਨ ਇੱਕ ਧਿਰ ਵੱਲੋਂ ਕਈ ਘਰਾਂ ਨੂੰ ਪੈਟਰੋਲ ਪਾ ਕੇ ਅੱਗ ਲਗਾ ਦਿੱਤੀ ਗਈ। ਪੀੜਤਾਂ ਨੇ ਦੱਸਿਆ ਕਿ ਰਾਤ ਸਮੇਂ ਹਮਲਾਵਰਾਂ ਨੇ ਘਰਾਂ ਦਾ ਸਮਾਨ ਤੋੜ ਭੰਨ ਕੀਤਾ। ਪੁਲਿਸ ਵੱਲੋਂ ਮਾਮਲਾ ਦਰਜ ਕਰ ਕੇ ਅਗਲੇਰੀ ਕਾਰਵਾਈ ਸ਼ੁਰੂ ਕਰ ਦਿੱਤੀ ਗਈ ਹੈ। ਕੁਝ ਵਿਅਕਤੀਆਂ ਨਾਮਜ਼ਦ ਕੀਤੇ ਗਏ ਹਨ ਅਤੇ ਅਣਪਛਾਤਿਆਂ ਦੀ ਭਾਲ ਜਾਰੀ ਹੈ।
ਗੋਨਿਆਣਾ ਮੰਡੀ 10 ਜਨਵਰੀ (ਜਸਵੀਰ ਮੰਜ਼ਿਲ) - ਨੇੜਲੇ ਪਿੰਡ ਦਾਨ ਸਿੰਘ ਵਾਲਾ ਵਿਖੇ ਦੋ ਧਿਰਾਂ ਵਿਚਕਾਰ ਲੜਾਈ ਹੋ ਗਈ ਜਿਸ ਦੌਰਾਨ ਇੱਕ ਧਿਰ ਵੱਲੋਂ ਕਈ ਘਰਾਂ ਨੂੰ ਪੈਟਰੋਲ ਪਾ ਕੇ ਅੱਗ ਲਗਾ ਦਿੱਤੀ ਗਈ। ਪੀੜਤਾਂ ਨੇ ਦੱਸਿਆ ਕਿ ਰਾਤ ਸਮੇਂ ਹਮਲਾਵਰਾਂ ਨੇ ਘਰਾਂ ਦਾ ਸਮਾਨ ਤੋੜ ਭੰਨ ਕੀਤਾ। ਪੁਲਿਸ ਵੱਲੋਂ ਮਾਮਲਾ ਦਰਜ ਕਰ ਕੇ ਅਗਲੇਰੀ ਕਾਰਵਾਈ ਸ਼ੁਰੂ ਕਰ ਦਿੱਤੀ ਗਈ ਹੈ। ਕੁਝ ਵਿਅਕਤੀਆਂ ਨਾਮਜ਼ਦ ਕੀਤੇ ਗਏ ਹਨ ਅਤੇ ਅਣਪਛਾਤਿਆਂ ਦੀ ਭਾਲ ਜਾਰੀ ਹੈ।
ਨੰਬਰਦਾਰਾਂ ਦੀਆਂ ਆਈਡੀਆ ਬਣਾਈਆ - ਮੀਤ ਪ੍ਰਧਾਨ ਜਗਦੇਵ ਸਿੰਘ
ਜਗਰਾਉਂ 10 ਜਨਵਰੀ (ਜਸਵਿੰਦਰ ਸਿੰਘ ਡਾਂਗੀਆਂ) - ਪੰਜਾਬ ਨੰਬਰਦਾਰਾ ਯੂਨੀਅਨ ਤਹਿਸੀਲ ਜਗਰਾਉਂ ਦੀ ਮਹੀਨਾਵਾਰ ਮੀਟਿੰਗ ਮੀਤ ਪ੍ਰਧਾਨ ਜਗਦੇਵ ਸਿੰਘ ਦੀ ਪ੍ਰਧਾਨਗੀ ਹੇਠ ਹੋਈ। ਜਿਸ ਵਿੱਚ ਨੰਬਰਦਾਰਾਂ ਦੇ ਪਹਿਚਾਣ ਪੱਤਰ ਬਣਾਏ ਗਏ। ਇਸ ਮੌਕੇ ਅਰਜਨ ਸਿੰਘ ਕਾਉਂਕੇ, ਅਵਤਾਰ ਸਿੰਘ, ਹਰਪਾਲ ਸਿੰਘ ਕਾਉਂਕੇ, ਪਾਲ ਸਿੰਘ ਰਸੂਲਪੁਰ, ਗੁਰਮੀਤ ਸਿੰਘ ਗਾਲਿਬ, ਕੁਲਦੀਪ ਸਿੰਘ ਮਲਕ, ਸੁਖਦੇਵ ਸਿੰਘ ਰੌਂਤਾ, ਜਗਜੀਤ ਸਿੰਘ, ਬਲਦੇਵ ਸਿੰਘ, ਪਿਆਰਾ ਸਿੰਘ ਅਤੇ ਗੁਰਦਿਆਲ ਸਿੰਘ ਆਦਿ ਹਾਜ਼ਰ ਸਨ।
ਚੰਡੀਗੜ੍ਹ ਤੋਂ ਪੰਜਾਬ ਦੇ ਹੱਕ ਖੋਹ ਕੇ ਕੇਂਦਰ ਨੇ ਫੇਰ ਮਾਰਿਆ ਪੰਜਾਬ ਦੇ ਹੱਕਾਂ ਤੇ ਡਾਕਾ - ਪ੍ਰਧਾਨ ਮਨਦੀਪ ਸਿੰਘ ਪੌਲਾ
ਫਤਿਹਗੜ੍ਹ ਸਾਹਿਬ 10 ਜਨਵਰੀ (ਰਾਜਿੰਦਰ ਸਿੰਘ ਭੱਟ) - ਪੰਜਾਬ ਦੀ ਰਾਜਧਾਨੀ ਚੰਡੀਗੜ੍ਹ ਤੇ ਪੰਜਾਬ ਦੇ ਹੱਕ ਖੋਹ ਕੇ ਕੇਂਦਰ ਵੱਲੋਂ ਪੰਜਾਬ ਨਾਲ ਫੇਰ ਧੋਖਾ ਕੀਤਾ ਗਿਆ ਹੈ ਅਤੇ ਪੰਜਾਬ ਦੇ ਹੱਕਾਂ ਉੱਤੇ ਡਾਕਾ ਮਾਰਿਆ ਗਿਆ ਹੈ। ਇਹ ਵਿਚਾਰ ਪ੍ਰਧਾਨ ਮਨਦੀਪ ਸਿੰਘ ਪੌਲਾ ਨੇ ਪ੍ਰਗਟ ਕੀਤੇ। ਉਨ੍ਹਾਂ ਕਿਹਾ ਕਿ ਕੇਂਦਰ ਸਰਕਾਰ ਵੱਲੋਂ ਚੰਡੀਗੜ੍ਹ ਦੇ ਪ੍ਰਸ਼ਾਸਨ ਵਿੱਚ ਪੰਜਾਬ ਦੀ ਹਿੱਸੇਦਾਰੀ ਘਟਾਈ ਜਾ ਰਹੀ ਹੈ ਜਿਸ ਨੂੰ ਪੰਜਾਬੀ ਬਰਦਾਸ਼ਤ ਨਹੀਂ ਕਰਨਗੇ।
ਸ਼ੂਗਰ ਮਿੱਲ ਬਟਾਲਾ ਵਿਖੇ ਗੰਨਾ ਪੀੜਨ ਦੀ ਸਮਰੱਥਾ ਵਧਣ ਨਾਲ ਕਿਸਾਨ ਬਾਗੋਬਾਗ
☛ 296 ਕਰੋੜ ਰੁਪਏ ਦੀ ਲਾਗਤ ਨਾਲ ਮਿੱਲ ਨੂੰ ਕੀਤਾ ਗਿਆ ਸੀ ਅੱਪਗ੍ਰੇਡ
ਬਟਾਲਾ/ਗੁਰਦਾਸਪੁਰ ਸ਼ੀਂਹ ਸਿੰਘ, 10 ਜਨਵਰੀ (ਜਸਵੀਰ) - ਪੰਜਾਬ ਸਰਕਾਰ ਵੱਲੋਂ ਸਹਿਕਾਰੀ ਖੰਡ ਮਿੱਲ ਬਟਾਲਾ ਨੂੰ 296 ਕਰੋੜ ਰੁਪਏ ਦੀ ਲਾਗਤ ਨਾਲ ਅੱਪਗ੍ਰੇਡ ਕੀਤਾ ਗਿਆ ਸੀ ਜਿਸ ਨਾਲ ਮਿੱਲ ਦੀ ਗੰਨਾ ਪੀੜਨ ਦੀ ਸਮਰੱਥਾ 1500 ਟੀ.ਸੀ.ਡੀ. ਤੋਂ ਵਧ ਕੇ 3500 ਟੀ.ਸੀ.ਡੀ. ਹੋ ਗਈ ਹੈ। ਇਸ ਵਾਰ ਮਿੱਲ ਵੱਲੋਂ ਗੰਨੇ ਦੀ ਪਿੜਾਈ ਦੇ ਨਾਲ 14 ਮੈਗਾਵਾਟ ਦਾ ਕੋ-ਜਨਰੇਸ਼ਨ ਪਲਾਂਟ ਵੀ ਚਲਾਇਆ ਜਾ ਰਿਹਾ ਹੈ। ਕਿਸਾਨਾਂ ਨੇ ਕਿਹਾ ਕਿ ਹੁਣ ਉਨ੍ਹਾਂ ਨੂੰ ਆਪਣਾ ਗੰਨਾ ਵੇਚਣ ਲਈ ਲੰਮਾ ਇੰਤਜ਼ਾਰ ਨਹੀਂ ਕਰਨਾ ਪੈਂਦਾ ਅਤੇ ਅਦਾਇਗੀ ਵੀ ਸਮੇਂ ਸਿਰ ਹੋ ਰਹੀ ਹੈ। ਮਿੱਲ ਦੇ ਜਨਰਲ ਮੈਨੇਜਰ ਨੇ ਦੱਸਿਆ ਕਿ ਇਸ ਸੀਜ਼ਨ ਦੌਰਾਨ 35 ਲੱਖ ਕੁਇੰਟਲ ਗੰਨਾ ਪੀੜਨ ਦਾ ਟੀਚਾ ਰੱਖਿਆ ਗਿਆ ਹੈ। ਬਾਇਓ ਸੀ.ਐਨ.ਜੀ. ਪਲਾਂਟ ਵੀ ਲਗਾਇਆ ਜਾ ਰਿਹਾ ਹੈ।
ਬਟਾਲਾ/ਗੁਰਦਾਸਪੁਰ ਸ਼ੀਂਹ ਸਿੰਘ, 10 ਜਨਵਰੀ (ਜਸਵੀਰ) - ਪੰਜਾਬ ਸਰਕਾਰ ਵੱਲੋਂ ਸਹਿਕਾਰੀ ਖੰਡ ਮਿੱਲ ਬਟਾਲਾ ਨੂੰ 296 ਕਰੋੜ ਰੁਪਏ ਦੀ ਲਾਗਤ ਨਾਲ ਅੱਪਗ੍ਰੇਡ ਕੀਤਾ ਗਿਆ ਸੀ ਜਿਸ ਨਾਲ ਮਿੱਲ ਦੀ ਗੰਨਾ ਪੀੜਨ ਦੀ ਸਮਰੱਥਾ 1500 ਟੀ.ਸੀ.ਡੀ. ਤੋਂ ਵਧ ਕੇ 3500 ਟੀ.ਸੀ.ਡੀ. ਹੋ ਗਈ ਹੈ। ਇਸ ਵਾਰ ਮਿੱਲ ਵੱਲੋਂ ਗੰਨੇ ਦੀ ਪਿੜਾਈ ਦੇ ਨਾਲ 14 ਮੈਗਾਵਾਟ ਦਾ ਕੋ-ਜਨਰੇਸ਼ਨ ਪਲਾਂਟ ਵੀ ਚਲਾਇਆ ਜਾ ਰਿਹਾ ਹੈ। ਕਿਸਾਨਾਂ ਨੇ ਕਿਹਾ ਕਿ ਹੁਣ ਉਨ੍ਹਾਂ ਨੂੰ ਆਪਣਾ ਗੰਨਾ ਵੇਚਣ ਲਈ ਲੰਮਾ ਇੰਤਜ਼ਾਰ ਨਹੀਂ ਕਰਨਾ ਪੈਂਦਾ ਅਤੇ ਅਦਾਇਗੀ ਵੀ ਸਮੇਂ ਸਿਰ ਹੋ ਰਹੀ ਹੈ। ਮਿੱਲ ਦੇ ਜਨਰਲ ਮੈਨੇਜਰ ਨੇ ਦੱਸਿਆ ਕਿ ਇਸ ਸੀਜ਼ਨ ਦੌਰਾਨ 35 ਲੱਖ ਕੁਇੰਟਲ ਗੰਨਾ ਪੀੜਨ ਦਾ ਟੀਚਾ ਰੱਖਿਆ ਗਿਆ ਹੈ। ਬਾਇਓ ਸੀ.ਐਨ.ਜੀ. ਪਲਾਂਟ ਵੀ ਲਗਾਇਆ ਜਾ ਰਿਹਾ ਹੈ।
ਬਟਾਲਾ/ਗੁਰਦਾਸਪੁਰ ਸ਼ੀਂਹ ਸਿੰਘ, 10 ਜਨਵਰੀ (ਜਸਵੀਰ) - ਪੰਜਾਬ ਸਰਕਾਰ ਵੱਲੋਂ ਸਹਿਕਾਰੀ ਖੰਡ ਮਿੱਲ ਬਟਾਲਾ ਨੂੰ 296 ਕਰੋੜ ਰੁਪਏ ਦੀ ਲਾਗਤ ਨਾਲ ਅੱਪਗ੍ਰੇਡ ਕੀਤਾ ਗਿਆ ਸੀ ਜਿਸ ਨਾਲ ਮਿੱਲ ਦੀ ਗੰਨਾ ਪੀੜਨ ਦੀ ਸਮਰੱਥਾ 1500 ਟੀ.ਸੀ.ਡੀ. ਤੋਂ ਵਧ ਕੇ 3500 ਟੀ.ਸੀ.ਡੀ. ਹੋ ਗਈ ਹੈ। ਇਸ ਵਾਰ ਮਿੱਲ ਵੱਲੋਂ ਗੰਨੇ ਦੀ ਪਿੜਾਈ ਦੇ ਨਾਲ 14 ਮੈਗਾਵਾਟ ਦਾ ਕੋ-ਜਨਰੇਸ਼ਨ ਪਲਾਂਟ ਵੀ ਚਲਾਇਆ ਜਾ ਰਿਹਾ ਹੈ। ਕਿਸਾਨਾਂ ਨੇ ਕਿਹਾ ਕਿ ਹੁਣ ਉਨ੍ਹਾਂ ਨੂੰ ਆਪਣਾ ਗੰਨਾ ਵੇਚਣ ਲਈ ਲੰਮਾ ਇੰਤਜ਼ਾਰ ਨਹੀਂ ਕਰਨਾ ਪੈਂਦਾ ਅਤੇ ਅਦਾਇਗੀ ਵੀ ਸਮੇਂ ਸਿਰ ਹੋ ਰਹੀ ਹੈ। ਮਿੱਲ ਦੇ ਜਨਰਲ ਮੈਨੇਜਰ ਨੇ ਦੱਸਿਆ ਕਿ ਇਸ ਸੀਜ਼ਨ ਦੌਰਾਨ 35 ਲੱਖ ਕੁਇੰਟਲ ਗੰਨਾ ਪੀੜਨ ਦਾ ਟੀਚਾ ਰੱਖਿਆ ਗਿਆ ਹੈ। ਬਾਇਓ ਸੀ.ਐਨ.ਜੀ. ਪਲਾਂਟ ਵੀ ਲਗਾਇਆ ਜਾ ਰਿਹਾ ਹੈ।
ਗਗਨਦੀਪ ਘਮਨੇਵਾਲ ਜ਼ਿਲ੍ਹਾ ਜਨਰਲ ਸੈਕਟਰੀ ਬਣੇ
ਰੋਪੜ,10 ਜਨਵਰੀ (ਮਨਜੀਤ ਚੌਧਰੀ) - ਐਨ ਸੀ ਡਿਪਾਰਟਮੈਂਟ ਲੁਧਿਆਣਾ ਦਿਹਾਤੀ ਜ਼ਿਲ੍ਹਾ ਕਾਂਗਰਸ ਪਾਰਟੀ ਦੀ ਕਮੇਟੀ ਵੱਲੋਂ ਪੰਜਾਬ ਦੇ ਚੇਅਰਮੈਨ ਕੁਲਦੀਪ ਸਿੰਘ ਵੈਦ ਤੇ ਲੁਧਿਆਣਾ ਜਿਲ੍ਹੇ ਦੇ ਚੇਅਰਮੈਨ ਲਖਵਿੰਦਰ ਸਿੰਘ ਘਮਨੇਵਾਲ ਵੱਲੋਂ ਕਾਂਗਰਸ ਪਾਰਟੀ ਪ੍ਰਧਾਨ ਅਮਰਿੰਦਰ ਸਿੰਘ ਰਾਜਾ ਵੜਿੰਗ ਦੀ ਪ੍ਰਵਾਨਗੀ ਨਾਲ ਗਗਨਦੀਪ ਘਮਨੇਵਾਲ ਨੂੰ ਜ਼ਿਲ੍ਹਾ ਜਨਰਲ ਸੈਕਟਰੀ ਨਿਯੁਕਤ ਕੀਤਾ ਗਿਆ। ਇਸ ਮੌਕੇ ਉਨ੍ਹਾਂ ਕਿਹਾ ਕਿ ਉਹ ਪਾਰਟੀ ਦੀ ਮਜ਼ਬੂਤੀ ਲਈ ਦਿਨ ਰਾਤ ਕੰਮ ਕਰਨਗੇ।
